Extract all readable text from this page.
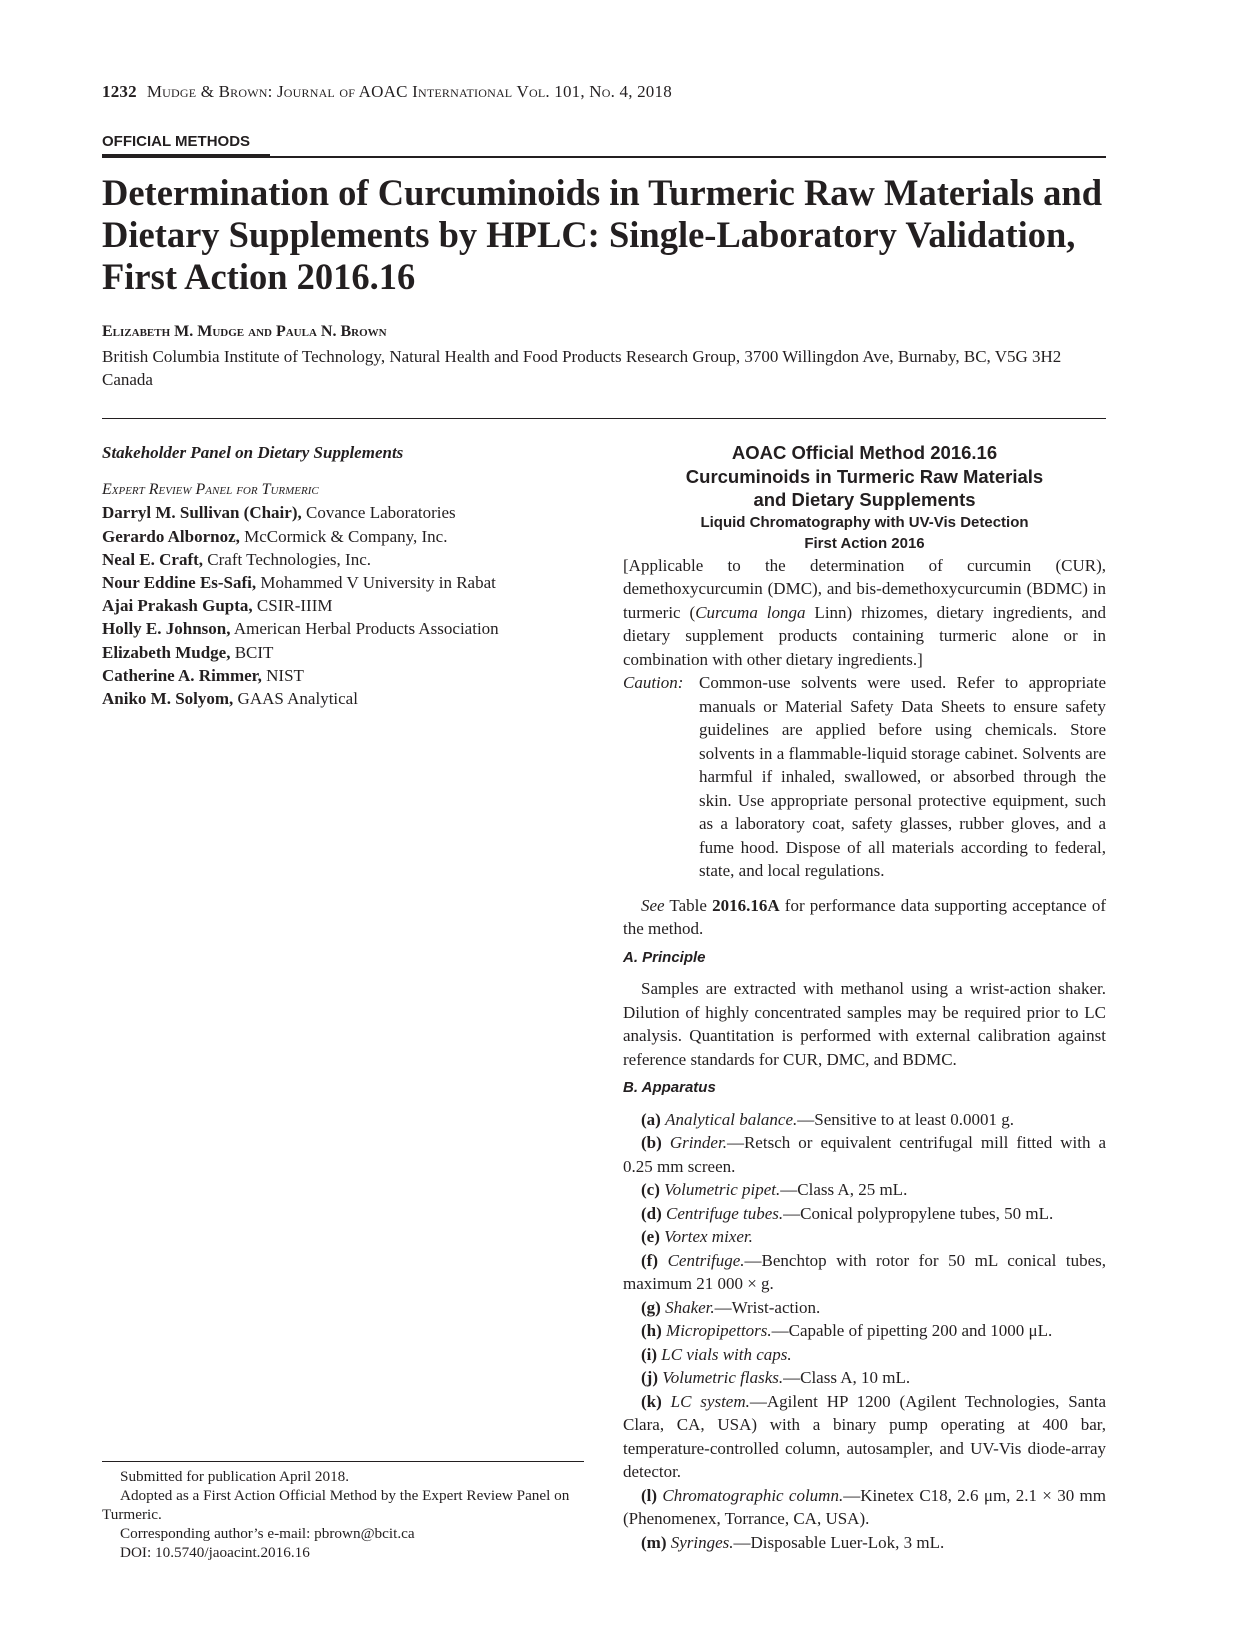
1232 Mudge & Brown: Journal of AOAC International Vol. 101, No. 4, 2018
OFFICIAL METHODS
Determination of Curcuminoids in Turmeric Raw Materials and Dietary Supplements by HPLC: Single-Laboratory Validation, First Action 2016.16
Elizabeth M. Mudge and Paula N. Brown
British Columbia Institute of Technology, Natural Health and Food Products Research Group, 3700 Willingdon Ave, Burnaby, BC, V5G 3H2 Canada
Stakeholder Panel on Dietary Supplements
Expert Review Panel for Turmeric
Darryl M. Sullivan (Chair), Covance Laboratories
Gerardo Albornoz, McCormick & Company, Inc.
Neal E. Craft, Craft Technologies, Inc.
Nour Eddine Es-Safi, Mohammed V University in Rabat
Ajai Prakash Gupta, CSIR-IIIM
Holly E. Johnson, American Herbal Products Association
Elizabeth Mudge, BCIT
Catherine A. Rimmer, NIST
Aniko M. Solyom, GAAS Analytical

Submitted for publication April 2018.

Adopted as a First Action Official Method by the Expert Review Panel on Turmeric.

Corresponding author’s e-mail: pbrown@bcit.ca

DOI: 10.5740/jaoacint.2016.16

AOAC Official Method 2016.16
Curcuminoids in Turmeric Raw Materials
and Dietary Supplements
Liquid Chromatography with UV-Vis Detection
First Action 2016

[Applicable to the determination of curcumin (CUR), demethoxycurcumin (DMC), and bis-demethoxycurcumin (BDMC) in turmeric (Curcuma longa Linn) rhizomes, dietary ingredients, and dietary supplement products containing turmeric alone or in combination with other dietary ingredients.]

Caution: Common-use solvents were used. Refer to appropriate manuals or Material Safety Data Sheets to ensure safety guidelines are applied before using chemicals. Store solvents in a flammable-liquid storage cabinet. Solvents are harmful if inhaled, swallowed, or absorbed through the skin. Use appropriate personal protective equipment, such as a laboratory coat, safety glasses, rubber gloves, and a fume hood. Dispose of all materials according to federal, state, and local regulations.

See Table 2016.16A for performance data supporting acceptance of the method.

A. Principle

Samples are extracted with methanol using a wrist-action shaker. Dilution of highly concentrated samples may be required prior to LC analysis. Quantitation is performed with external calibration against reference standards for CUR, DMC, and BDMC.

B. Apparatus

(a) Analytical balance.—Sensitive to at least 0.0001 g.

(b) Grinder.—Retsch or equivalent centrifugal mill fitted with a 0.25 mm screen.

(c) Volumetric pipet.—Class A, 25 mL.

(d) Centrifuge tubes.—Conical polypropylene tubes, 50 mL.

(e) Vortex mixer.

(f) Centrifuge.—Benchtop with rotor for 50 mL conical tubes, maximum 21 000 × g.

(g) Shaker.—Wrist-action.

(h) Micropipettors.—Capable of pipetting 200 and 1000 μL.

(i) LC vials with caps.

(j) Volumetric flasks.—Class A, 10 mL.

(k) LC system.—Agilent HP 1200 (Agilent Technologies, Santa Clara, CA, USA) with a binary pump operating at 400 bar, temperature-controlled column, autosampler, and UV-Vis diode-array detector.

(l) Chromatographic column.—Kinetex C18, 2.6 μm, 2.1 × 30 mm (Phenomenex, Torrance, CA, USA).

(m) Syringes.—Disposable Luer-Lok, 3 mL.
